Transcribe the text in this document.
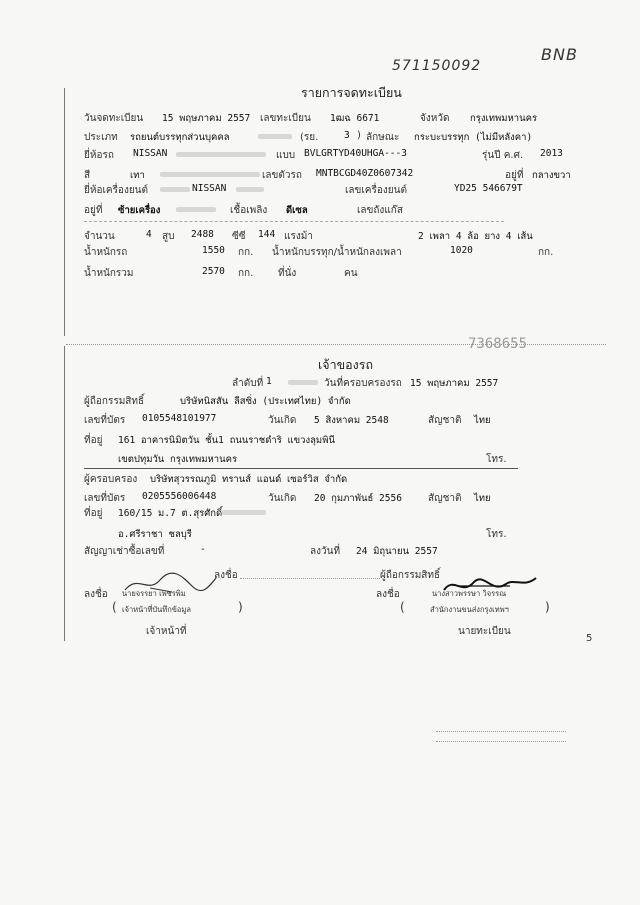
571150092
BNB
รายการจดทะเบียน
วันจดทะเบียน 15 พฤษภาคม 2557 เลขทะเบียน 1ฒฉ 6671	จังหวัด กรุงเทพมหานคร
ประเภท รถยนต์บรรทุกส่วนบุคคล	(รย.	3 ) ลักษณะ กระบะบรรทุก (ไม่มีหลังคา)
ยี่ห้อรถ NISSAN	แบบ BVLGRTYD40UHGA---3	รุ่นปี ค.ศ. 2013
สี	เทา	เลขตัวรถ MNTBCGD40Z0607342	อยู่ที่ กลางขวา
ยี่ห้อเครื่องยนต์	NISSAN	เลขเครื่องยนต์	YD25 546679T
อยู่ที่ ซ้ายเครื่อง	เชื้อเพลิง ดีเซล	เลขถังแก๊ส
จำนวน	4 สูบ 2488 ซีซี 144 แรงม้า	2 เพลา 4 ล้อ ยาง 4 เส้น
น้ำหนักรถ	1550 กก. น้ำหนักบรรทุก/น้ำหนักลงเพลา	1020	กก.
น้ำหนักรวม	2570 กก. ที่นั่ง	คน
7368655
เจ้าของรถ
ลำดับที่ 1	วันที่ครอบครองรถ 15 พฤษภาคม 2557
ผู้ถือกรรมสิทธิ์	บริษัทนิสสัน ลีสซิ่ง (ประเทศไทย) จำกัด
เลขที่บัตร 0105548101977	วันเกิด 5 สิงหาคม 2548	สัญชาติ ไทย
ที่อยู่ 161 อาคารนิมิตวัน ชั้น1 ถนนราชดำริ แขวงลุมพินี
เขตปทุมวัน กรุงเทพมหานคร	โทร.
ผู้ครอบครอง บริษัทสุวรรณภูมิ ทรานส์ แอนด์ เซอร์วิส จำกัด
เลขที่บัตร 0205556006448	วันเกิด 20 กุมภาพันธ์ 2556	สัญชาติ ไทย
ที่อยู่ 160/15 ม.7 ต.สุรศักดิ์
อ.ศรีราชา ชลบุรี	โทร.
สัญญาเช่าซื้อเลขที่	-	ลงวันที่ 24 มิถุนายน 2557
ลงชื่อ	ผู้ถือกรรมสิทธิ์
ลงชื่อ นายจรรยา เพชรพิม
( เจ้าหน้าที่บันทึกข้อมูล	)
เจ้าหน้าที่
ลงชื่อ	นางสาวพรรษา วิจรรณ
(	สำนักงานขนส่งกรุงเทพฯ	)
นายทะเบียน
5
